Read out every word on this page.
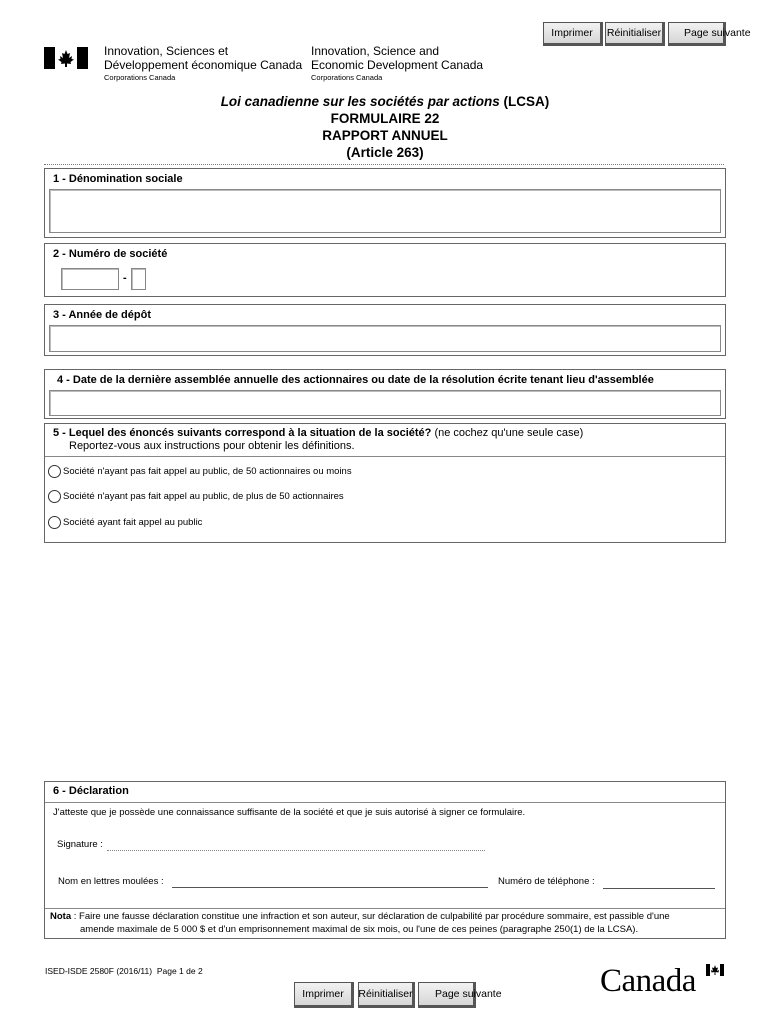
Imprimer	Réinitialiser	Page suivante
Innovation, Sciences et
Développement économique Canada
Corporations Canada
Innovation, Science and
Economic Development Canada
Corporations Canada
Loi canadienne sur les sociétés par actions (LCSA)
FORMULAIRE 22
RAPPORT ANNUEL
(Article 263)
1 - Dénomination sociale
2 - Numéro de société
-
3 - Année de dépôt
4 - Date de la dernière assemblée annuelle des actionnaires ou date de la résolution écrite tenant lieu d'assemblée
5 - Lequel des énoncés suivants correspond à la situation de la société? (ne cochez qu'une seule case)
Reportez-vous aux instructions pour obtenir les définitions.
Société n'ayant pas fait appel au public, de 50 actionnaires ou moins
Société n'ayant pas fait appel au public, de plus de 50 actionnaires
Société ayant fait appel au public
6 - Déclaration
J'atteste que je possède une connaissance suffisante de la société et que je suis autorisé à signer ce formulaire.
Signature :
Nom en lettres moulées :	Numéro de téléphone :
Nota : Faire une fausse déclaration constitue une infraction et son auteur, sur déclaration de culpabilité par procédure sommaire, est passible d'une
amende maximale de 5 000 $ et d'un emprisonnement maximal de six mois, ou l'une de ces peines (paragraphe 250(1) de la LCSA).
ISED-ISDE 2580F (2016/11) Page 1 de 2
Imprimer	Réinitialiser	Page suivante	Canada
